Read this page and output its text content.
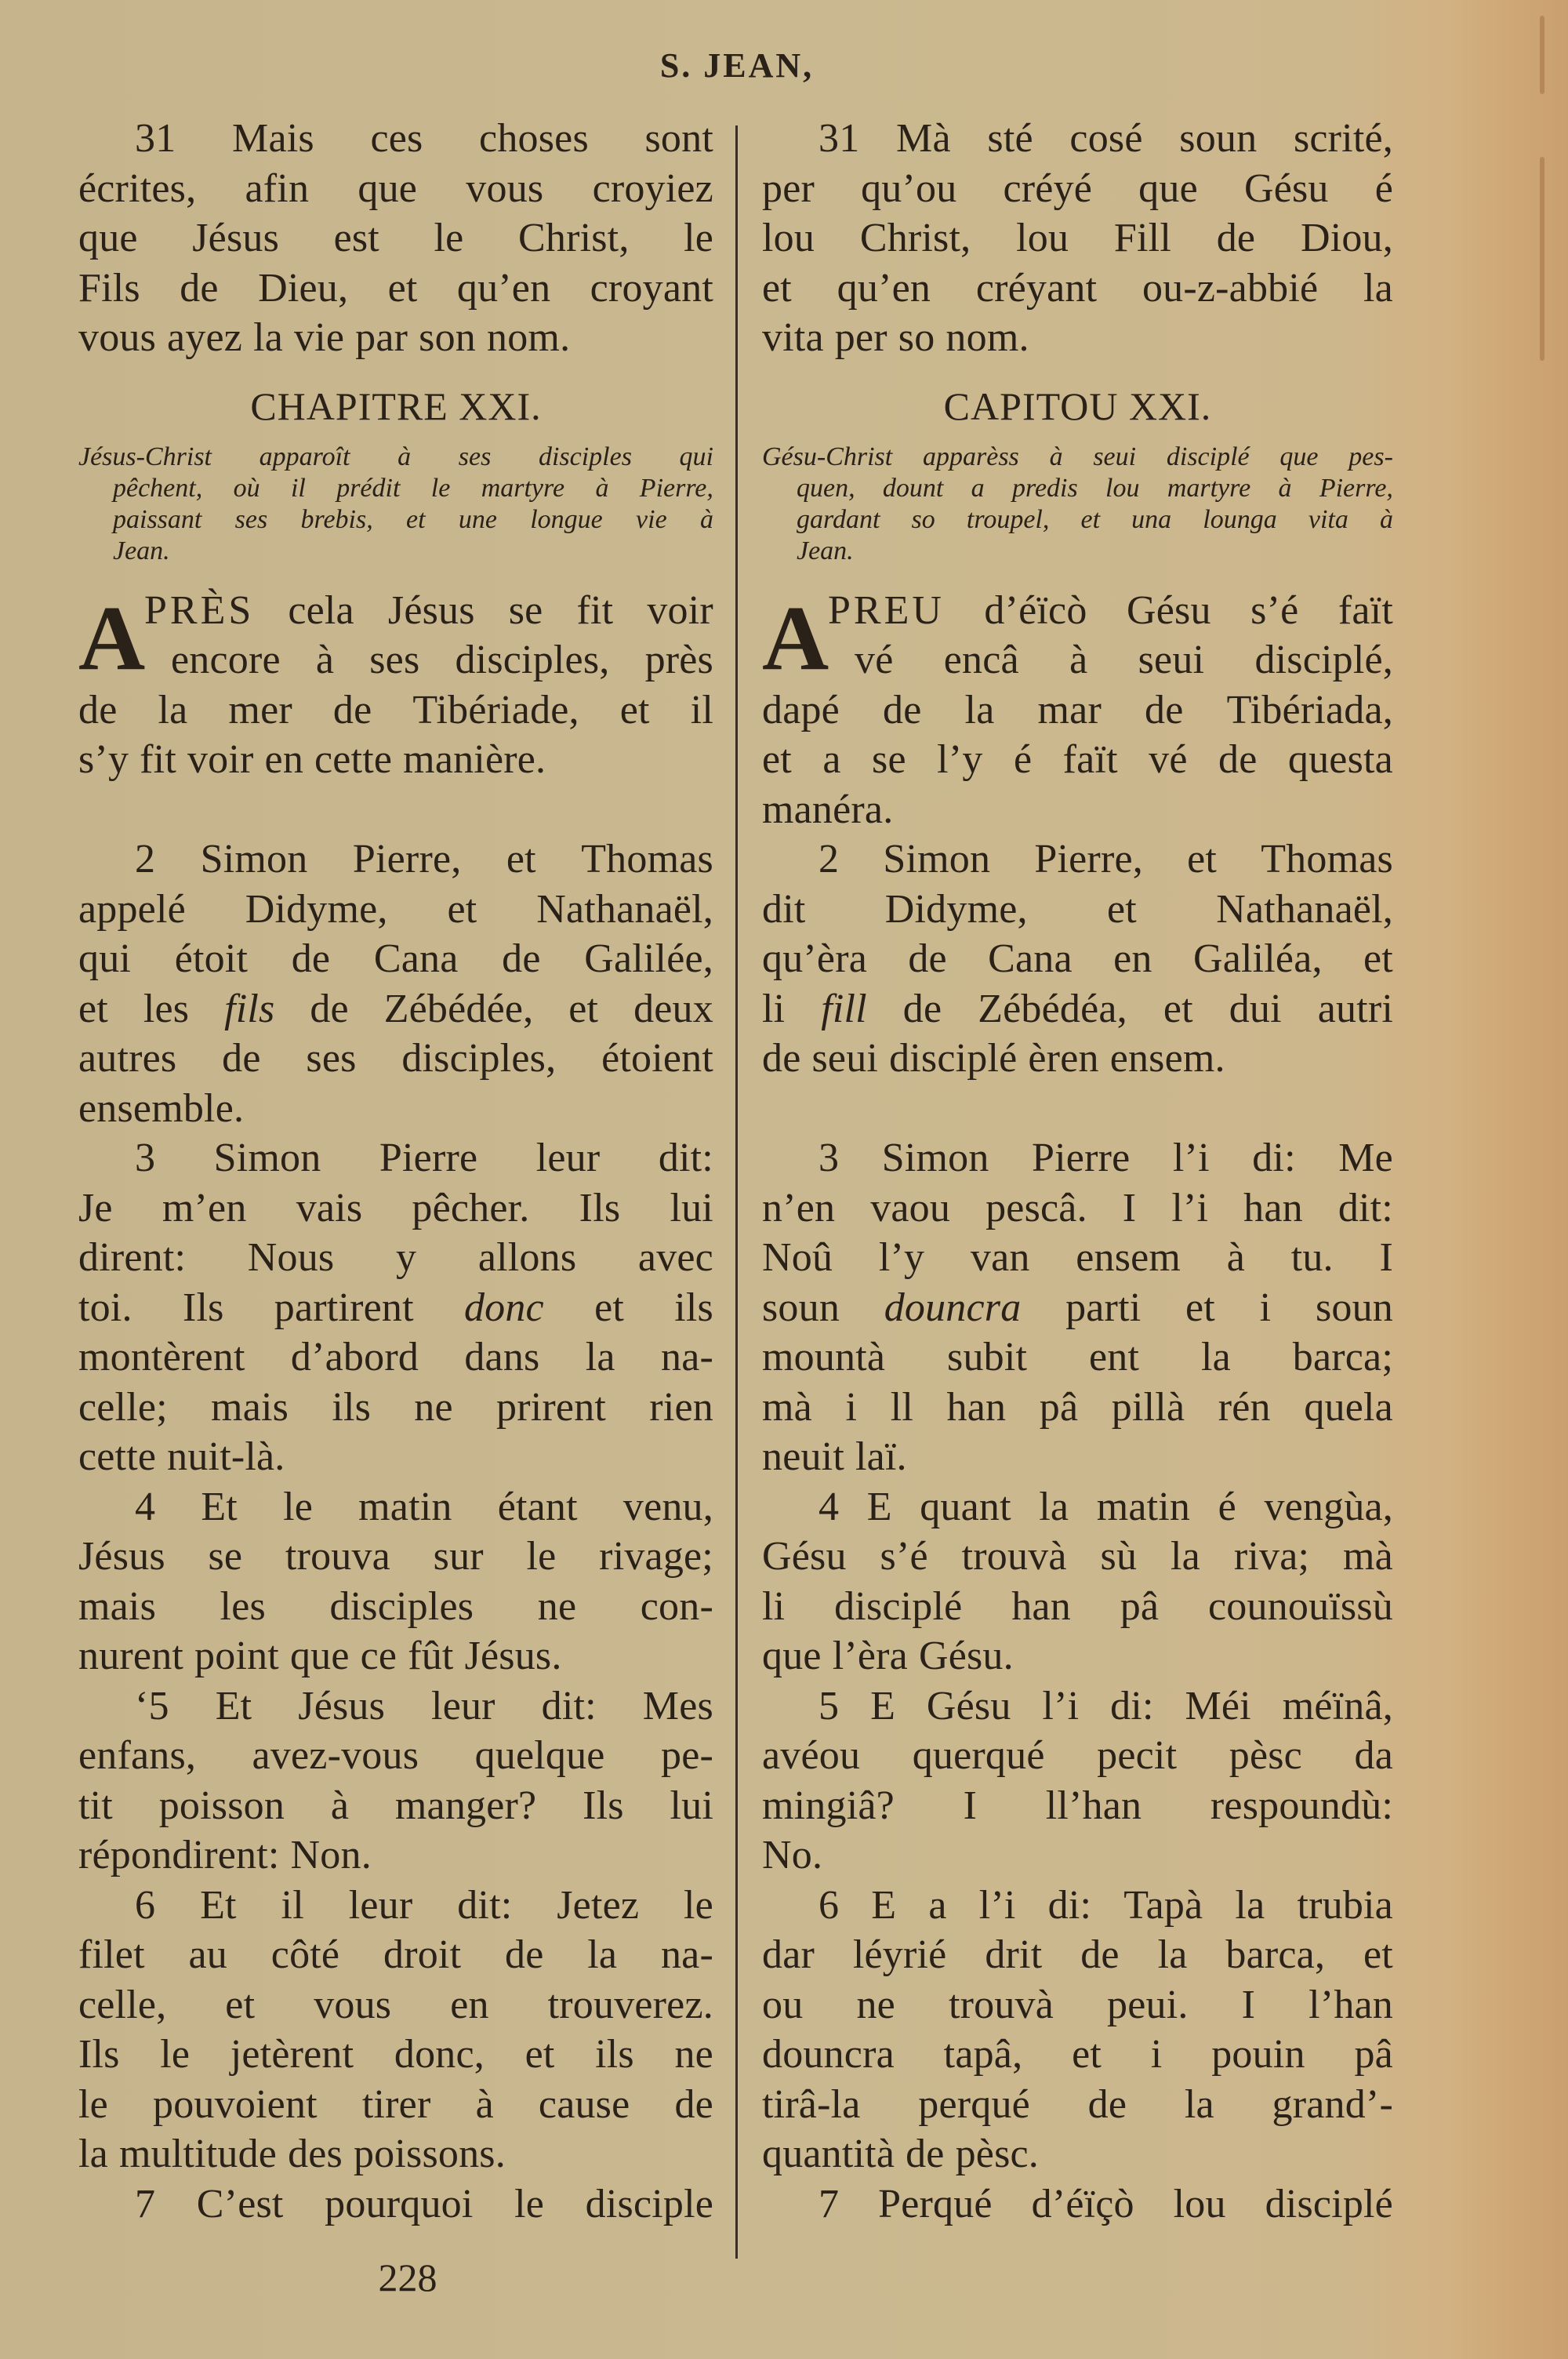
S. JEAN,
31 Mais ces choses sont
écrites, afin que vous croyiez
que Jésus est le Christ, le
Fils de Dieu, et qu’en croyant
vous ayez la vie par son nom.
CHAPITRE XXI.
Jésus-Christ apparoît à ses disciples qui
pêchent, où il prédit le martyre à Pierre,
paissant ses brebis, et une longue vie à
Jean.
A
PRÈS cela Jésus se fit voir
encore à ses disciples, près
de la mer de Tibériade, et il
s’y fit voir en cette manière.
2 Simon Pierre, et Thomas
appelé Didyme, et Nathanaël,
qui étoit de Cana de Galilée,
et les fils de Zébédée, et deux
autres de ses disciples, étoient
ensemble.
3 Simon Pierre leur dit:
Je m’en vais pêcher. Ils lui
dirent: Nous y allons avec
toi. Ils partirent donc et ils
montèrent d’abord dans la na-
celle; mais ils ne prirent rien
cette nuit-là.
4 Et le matin étant venu,
Jésus se trouva sur le rivage;
mais les disciples ne con-
nurent point que ce fût Jésus.
‘5 Et Jésus leur dit: Mes
enfans, avez-vous quelque pe-
tit poisson à manger? Ils lui
répondirent: Non.
6 Et il leur dit: Jetez le
filet au côté droit de la na-
celle, et vous en trouverez.
Ils le jetèrent donc, et ils ne
le pouvoient tirer à cause de
la multitude des poissons.
7 C’est pourquoi le disciple
31 Mà sté cosé soun scrité,
per qu’ou créyé que Gésu é
lou Christ, lou Fill de Diou,
et qu’en créyant ou-z-abbié la
vita per so nom.
CAPITOU XXI.
Gésu-Christ apparèss à seui disciplé que pes-
quen, dount a predis lou martyre à Pierre,
gardant so troupel, et una lounga vita à
Jean.
A
PREU d’éïcò Gésu s’é faït
vé encâ à seui disciplé,
dapé de la mar de Tibériada,
et a se l’y é faït vé de questa
manéra.
2 Simon Pierre, et Thomas
dit Didyme, et Nathanaël,
qu’èra de Cana en Galiléa, et
li fill de Zébédéa, et dui autri
de seui disciplé èren ensem.
3 Simon Pierre l’i di: Me
n’en vaou pescâ. I l’i han dit:
Noû l’y van ensem à tu. I
soun douncra parti et i soun
mountà subit ent la barca;
mà i ll han pâ pillà rén quela
neuit laï.
4 E quant la matin é vengùa,
Gésu s’é trouvà sù la riva; mà
li disciplé han pâ counouïssù
que l’èra Gésu.
5 E Gésu l’i di: Méi méïnâ,
avéou querqué pecit pèsc da
mingiâ? I ll’han respoundù:
No.
6 E a l’i di: Tapà la trubia
dar léyrié drit de la barca, et
ou ne trouvà peui. I l’han
douncra tapâ, et i pouin pâ
tirâ-la perqué de la grand’-
quantità de pèsc.
7 Perqué d’éïçò lou disciplé
228
